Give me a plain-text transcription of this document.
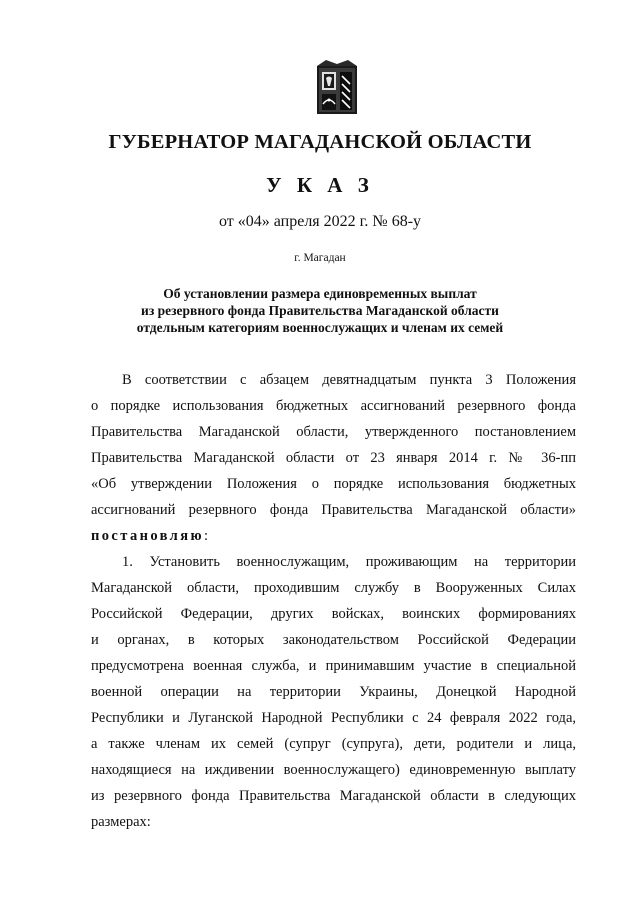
ГУБЕРНАТОР МАГАДАНСКОЙ ОБЛАСТИ
У К А З
от «04» апреля 2022 г. № 68-у
г. Магадан
Об установлении размера единовременных выплат
из резервного фонда Правительства Магаданской области
отдельным категориям военнослужащих и членам их семей
В соответствии с абзацем девятнадцатым пункта 3 Положения
о порядке использования бюджетных ассигнований резервного фонда
Правительства Магаданской области, утвержденного постановлением
Правительства Магаданской области от 23 января 2014 г. № 36-пп
«Об утверждении Положения о порядке использования бюджетных
ассигнований резервного фонда Правительства Магаданской области»
постановляю:
1. Установить военнослужащим, проживающим на территории
Магаданской области, проходившим службу в Вооруженных Силах
Российской Федерации, других войсках, воинских формированиях
и органах, в которых законодательством Российской Федерации
предусмотрена военная служба, и принимавшим участие в специальной
военной операции на территории Украины, Донецкой Народной
Республики и Луганской Народной Республики с 24 февраля 2022 года,
а также членам их семей (супруг (супруга), дети, родители и лица,
находящиеся на иждивении военнослужащего) единовременную выплату
из резервного фонда Правительства Магаданской области в следующих
размерах:
